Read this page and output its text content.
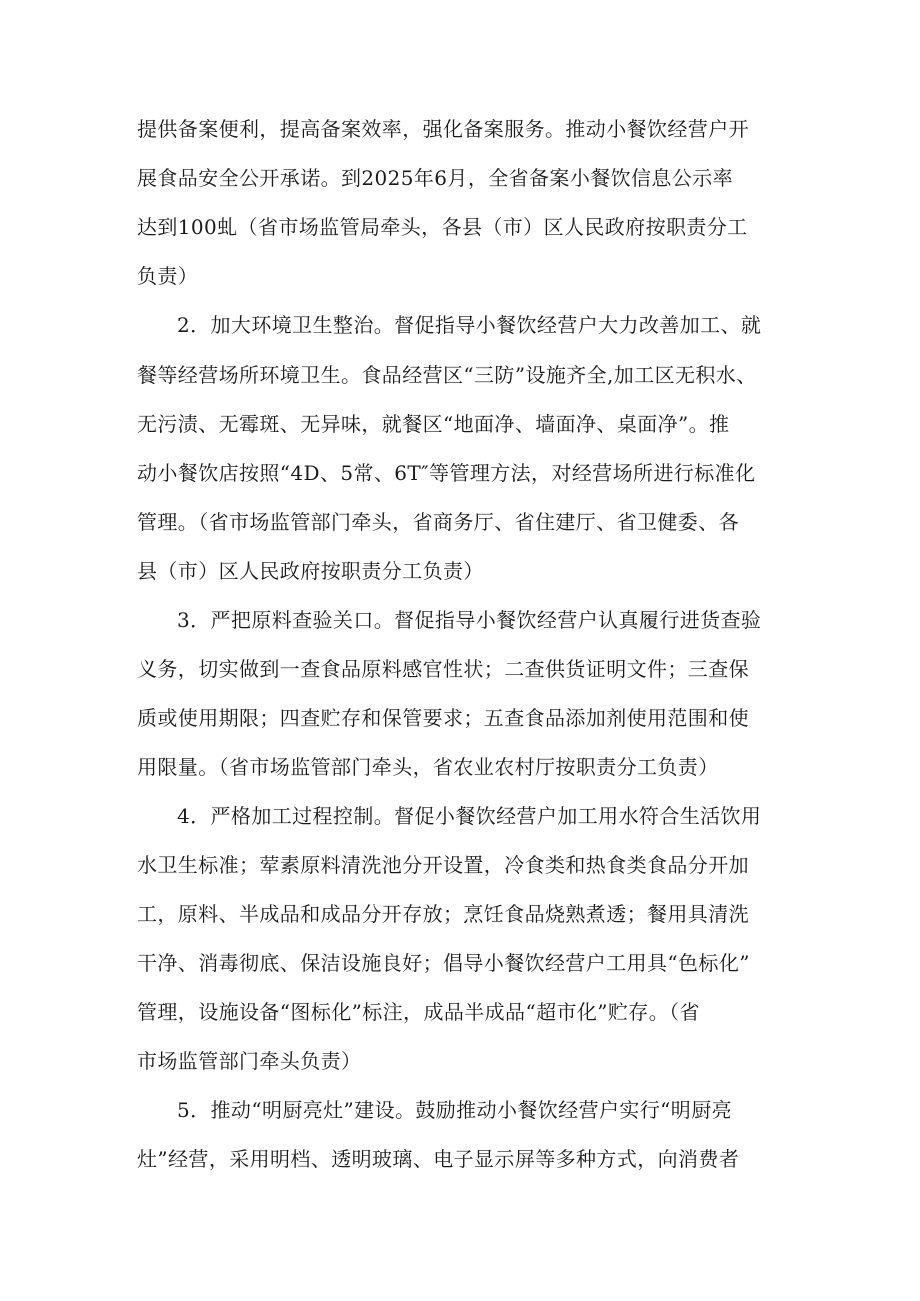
提供备案便利，提高备案效率，强化备案服务。推动小餐饮经营户开
展食品安全公开承诺。到2025年6月，全省备案小餐饮信息公示率
达到100虬（省市场监管局牵头，各县（市）区人民政府按职责分工
负责）
2．加大环境卫生整治。督促指导小餐饮经营户大力改善加工、就
餐等经营场所环境卫生。食品经营区“三防”设施齐全,加工区无积水、
无污渍、无霉斑、无异味，就餐区“地面净、墙面净、桌面净”。推
动小餐饮店按照“4D、5常、6T″等管理方法，对经营场所进行标准化
管理。（省市场监管部门牵头，省商务厅、省住建厅、省卫健委、各
县（市）区人民政府按职责分工负责）
3．严把原料查验关口。督促指导小餐饮经营户认真履行进货查验
义务，切实做到一查食品原料感官性状；二查供货证明文件；三查保
质或使用期限；四查贮存和保管要求；五查食品添加剂使用范围和使
用限量。（省市场监管部门牵头，省农业农村厅按职责分工负责）
4．严格加工过程控制。督促小餐饮经营户加工用水符合生活饮用
水卫生标准；荤素原料清洗池分开设置，冷食类和热食类食品分开加
工，原料、半成品和成品分开存放；烹饪食品烧熟煮透；餐用具清洗
干净、消毒彻底、保洁设施良好；倡导小餐饮经营户工用具“色标化”
管理，设施设备“图标化”标注，成品半成品“超市化”贮存。（省
市场监管部门牵头负责）
5．推动“明厨亮灶”建设。鼓励推动小餐饮经营户实行“明厨亮
灶”经营，采用明档、透明玻璃、电子显示屏等多种方式，向消费者
